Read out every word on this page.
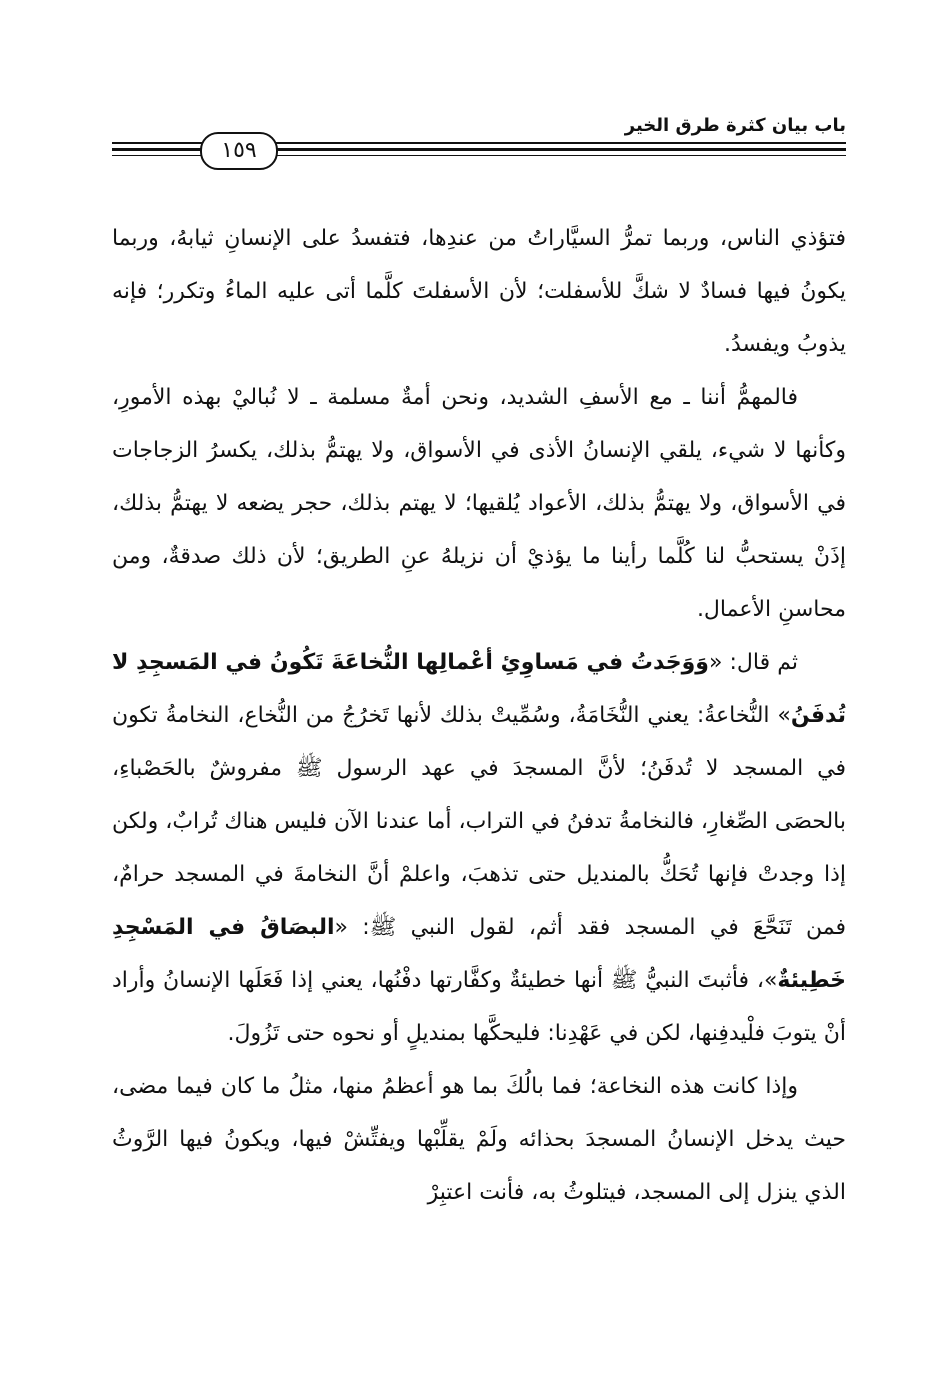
باب بيان كثرة طرق الخير
١٥٩

فتؤذي الناس، وربما تمرُّ السيَّاراتُ من عندِها، فتفسدُ على الإنسانِ ثيابهُ، وربما يكونُ فيها فسادٌ لا شكَّ للأسفلت؛ لأن الأسفلتَ كلَّما أتى عليه الماءُ وتكرر؛ فإنه يذوبُ ويفسدُ.

فالمهمُّ أننا ـ مع الأسفِ الشديد، ونحن أمةٌ مسلمة ـ لا نُباليْ بهذه الأمورِ، وكأنها لا شيء، يلقي الإنسانُ الأذى في الأسواق، ولا يهتمُّ بذلك، يكسرُ الزجاجات في الأسواق، ولا يهتمُّ بذلك، الأعواد يُلقيها؛ لا يهتم بذلك، حجر يضعه لا يهتمُّ بذلك، إذَنْ يستحبُّ لنا كُلَّما رأينا ما يؤذيْ أن نزيلهُ عنِ الطريق؛ لأن ذلك صدقةٌ، ومن محاسنِ الأعمال.

ثم قال: «وَوَجَدتُ في مَساوِئِ أعْمالِها النُّخاعَةَ تَكُونُ في المَسجِدِ لا تُدفَنُ» النُّخاعةُ: يعني النُّخَامَةُ، وسُمِّيتْ بذلك لأنها تَخرُجُ من النُّخاع، النخامةُ تكون في المسجد لا تُدفَنُ؛ لأنَّ المسجدَ في عهد الرسول ﷺ مفروشٌ بالحَصْباءِ، بالحصَى الصِّغارِ، فالنخامةُ تدفنُ في التراب، أما عندنا الآن فليس هناك تُرابٌ، ولكن إذا وجدتْ فإنها تُحَكُّ بالمنديل حتى تذهبَ، واعلمْ أنَّ النخامةَ في المسجد حرامٌ، فمن تَنَحَّعَ في المسجد فقد أثم، لقول النبي ﷺ: «البصَاقُ في المَسْجِدِ خَطِيئةٌ»، فأثبتَ النبيُّ ﷺ أنها خطيئةٌ وكفَّارتها دفْنُها، يعني إذا فَعَلَها الإنسانُ وأراد أنْ يتوبَ فلْيدفِنها، لكن في عَهْدِنا: فليحكَّها بمنديلٍ أو نحوه حتى تَزُولَ.

وإذا كانت هذه النخاعة؛ فما بالُكَ بما هو أعظمُ منها، مثلُ ما كان فيما مضى، حيث يدخل الإنسانُ المسجدَ بحذائه ولَمْ يقلِّبْها ويفتِّشْ فيها، ويكونُ فيها الرَّوثُ الذي ينزل إلى المسجد، فيتلوثُ به، فأنت اعتبِرْ
